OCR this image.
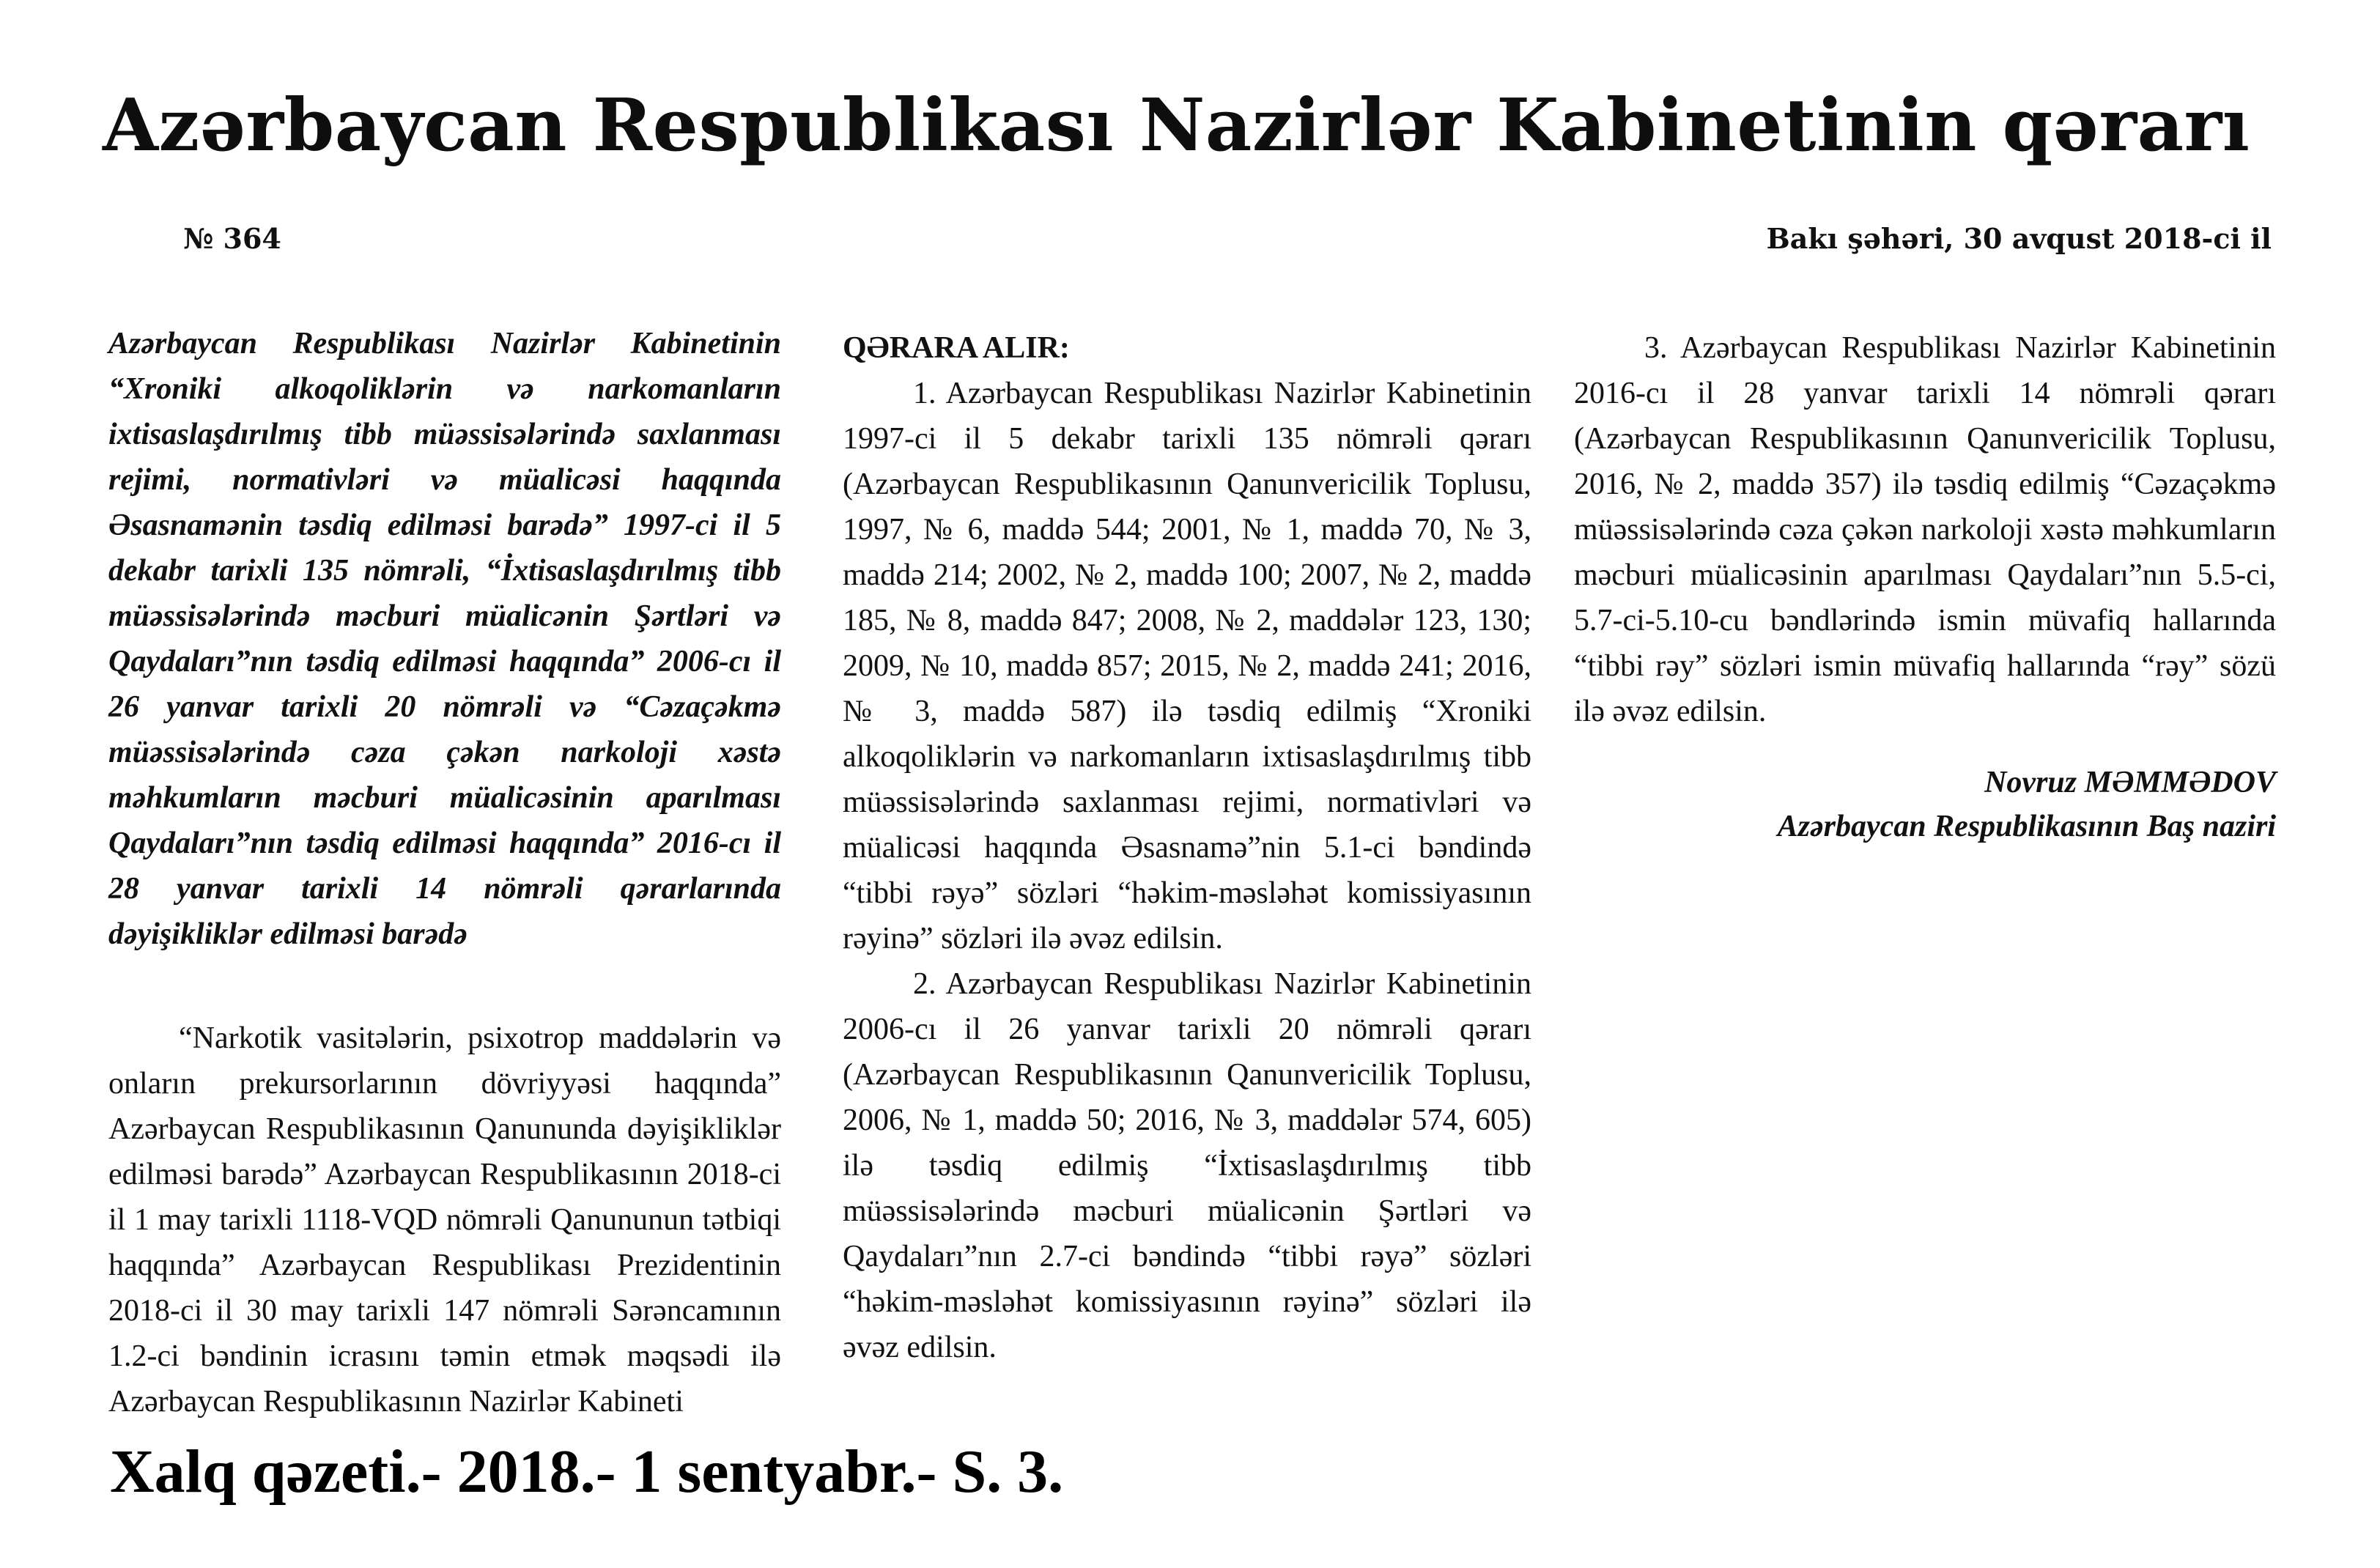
Azərbaycan Respublikası Nazirlər Kabinetinin qərarı
№ 364	Bakı şəhəri, 30 avqust 2018-ci il

Azərbaycan Respublikası Nazirlər Kabinetinin “Xroniki alkoqoliklərin və narkomanların ixtisaslaşdırılmış tibb müəssisələrində saxlanması rejimi, normativləri və müalicəsi haqqında Əsasnamənin təsdiq edilməsi barədə” 1997-ci il 5 dekabr tarixli 135 nömrəli, “İxtisaslaşdırılmış tibb müəssisələrində məcburi müalicənin Şərtləri və Qaydaları”nın təsdiq edilməsi haqqında” 2006-cı il 26 yanvar tarixli 20 nömrəli və “Cəzaçəkmə müəssisələrində cəza çəkən narkoloji xəstə məhkumların məcburi müalicəsinin aparılması Qaydaları”nın təsdiq edilməsi haqqında” 2016-cı il 28 yanvar tarixli 14 nömrəli qərarlarında dəyişikliklər edilməsi barədə

“Narkotik vasitələrin, psixotrop maddələrin və onların prekursorlarının dövriyyəsi haqqında” Azərbaycan Respublikasının Qanununda dəyişikliklər edilməsi barədə” Azərbaycan Respublikasının 2018-ci il 1 may tarixli 1118-VQD nömrəli Qanununun tətbiqi haqqında” Azərbaycan Respublikası Prezidentinin 2018-ci il 30 may tarixli 147 nömrəli Sərəncamının 1.2-ci bəndinin icrasını təmin etmək məqsədi ilə Azərbaycan Respublikasının Nazirlər Kabineti

QƏRARA ALIR:

1. Azərbaycan Respublikası Nazirlər Kabinetinin 1997-ci il 5 dekabr tarixli 135 nömrəli qərarı (Azərbaycan Respublikasının Qanunvericilik Toplusu, 1997, № 6, maddə 544; 2001, № 1, maddə 70, № 3, maddə 214; 2002, № 2, maddə 100; 2007, № 2, maddə 185, № 8, maddə 847; 2008, № 2, maddələr 123, 130; 2009, № 10, maddə 857; 2015, № 2, maddə 241; 2016, № 3, maddə 587) ilə təsdiq edilmiş “Xroniki alkoqoliklərin və narkomanların ixtisaslaşdırılmış tibb müəssisələrində saxlanması rejimi, normativləri və müalicəsi haqqında Əsasnamə”nin 5.1-ci bəndində “tibbi rəyə” sözləri “həkim-məsləhət komissiyasının rəyinə” sözləri ilə əvəz edilsin.

2. Azərbaycan Respublikası Nazirlər Kabinetinin 2006-cı il 26 yanvar tarixli 20 nömrəli qərarı (Azərbaycan Respublikasının Qanunvericilik Toplusu, 2006, № 1, maddə 50; 2016, № 3, maddələr 574, 605) ilə təsdiq edilmiş “İxtisaslaşdırılmış tibb müəssisələrində məcburi müalicənin Şərtləri və Qaydaları”nın 2.7-ci bəndində “tibbi rəyə” sözləri “həkim-məsləhət komissiyasının rəyinə” sözləri ilə əvəz edilsin.

3. Azərbaycan Respublikası Nazirlər Kabinetinin 2016-cı il 28 yanvar tarixli 14 nömrəli qərarı (Azərbaycan Respublikasının Qanunvericilik Toplusu, 2016, № 2, maddə 357) ilə təsdiq edilmiş “Cəzaçəkmə müəssisələrində cəza çəkən narkoloji xəstə məhkumların məcburi müalicəsinin aparılması Qaydaları”nın 5.5-ci, 5.7-ci-5.10-cu bəndlərində ismin müvafiq hallarında “tibbi rəy” sözləri ismin müvafiq hallarında “rəy” sözü ilə əvəz edilsin.

Novruz MƏMMƏDOV
Azərbaycan Respublikasının Baş naziri
Xalq qəzeti.- 2018.- 1 sentyabr.- S. 3.
